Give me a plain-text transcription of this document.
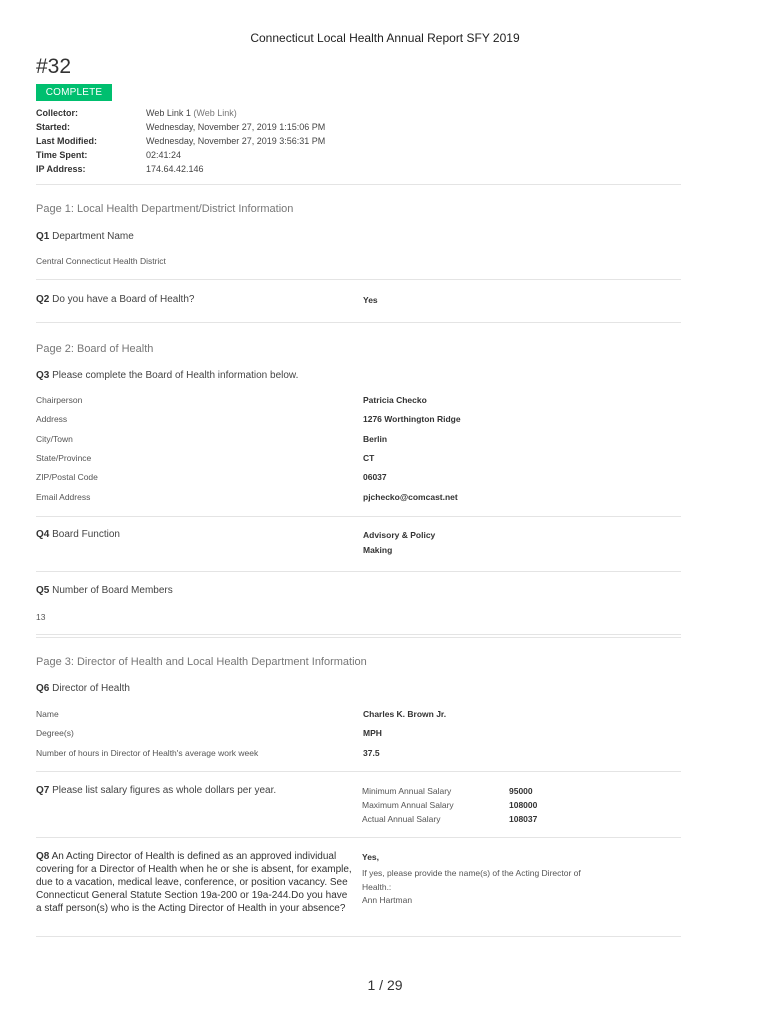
Connecticut Local Health Annual Report SFY 2019
#32
COMPLETE
Collector:	Web Link 1 (Web Link)
Started:	Wednesday, November 27, 2019 1:15:06 PM
Last Modified:	Wednesday, November 27, 2019 3:56:31 PM
Time Spent:	02:41:24
IP Address:	174.64.42.146
Page 1: Local Health Department/District Information
Q1 Department Name
Central Connecticut Health District
Q2 Do you have a Board of Health?	Yes
Page 2: Board of Health
Q3 Please complete the Board of Health information below.
Chairperson	Patricia Checko
Address	1276 Worthington Ridge
City/Town	Berlin
State/Province	CT
ZIP/Postal Code	06037
Email Address	pjchecko@comcast.net
Q4 Board Function	Advisory & Policy
Making
Q5 Number of Board Members
13
Page 3: Director of Health and Local Health Department Information
Q6 Director of Health
Name	Charles K. Brown Jr.
Degree(s)	MPH
Number of hours in Director of Health's average work week	37.5
Q7 Please list salary figures as whole dollars per year.	Minimum Annual Salary	95000
Maximum Annual Salary	108000
Actual Annual Salary	108037
Q8 An Acting Director of Health is defined as an approved individual covering for a Director of Health when he or she is absent, for example, due to a vacation, medical leave, conference, or position vacancy. See Connecticut General Statute Section 19a-200 or 19a-244.Do you have a staff person(s) who is the Acting Director of Health in your absence?
Yes,
If yes, please provide the name(s) of the Acting Director of Health.:
Ann Hartman
1 / 29
